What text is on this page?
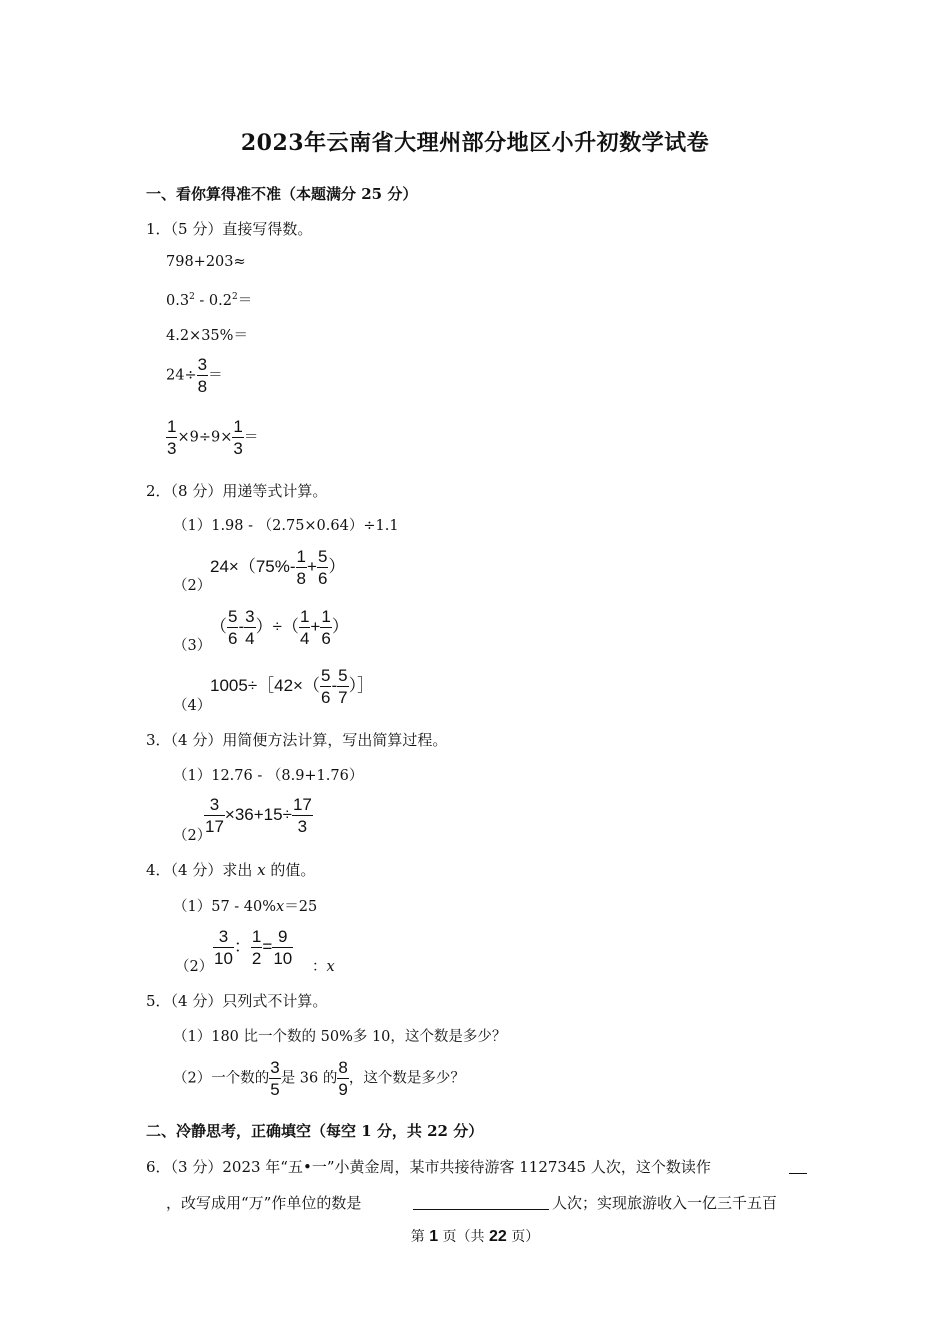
2023年云南省大理州部分地区小升初数学试卷
一、看你算得准不准（本题满分 25 分）
1．（5 分）直接写得数。
798+203≈
$0.3^2 - 0.2^2=$
4.2×35%＝
$24\div \frac{3}{8}$ ＝
$\frac{1}{3} \times 9\div 9\times \frac{1}{3}$ ＝
2．（8 分）用递等式计算。
（1）1.98 - （2.75×0.64）÷1.1
（2）
$24\times(75\%- \frac{1}{8} + \frac{5}{6}$ ）
（3）
（ $\frac{5}{6} - \frac{3}{4}$ ）÷（ $\frac{1}{4} + \frac{1}{6}$ ）
（4）
1005÷［42×（ $\frac{5}{6} - \frac{5}{7}$ ）］
3．（4 分）用简便方法计算，写出简算过程。
（1）12.76 - （8.9+1.76）
（2）
$\frac{3}{17} \times 36+15\div \frac{17}{3}$
4．（4 分）求出 x 的值。
（1）57 - 40%x＝25
$(2) \frac{3}{10}$ ： $\frac{1}{2} = \frac{9}{10}$ ：x
5．（4 分）只列式不计算。
（1）180 比一个数的 50%多 10，这个数是多少？
（2）一个数的 $\frac{3}{5}$ 是 36 的 $\frac{8}{9}$ ，这个数是多少？
二、冷静思考，正确填空（每空 1 分，共 22 分）
6．（3 分）2023 年“五•一”小黄金周，某市共接待游客 1127345 人次，这个数读作
，改写成用“万”作单位的数是	人次；实现旅游收入一亿三千五百
第 1 页（共 22 页）
